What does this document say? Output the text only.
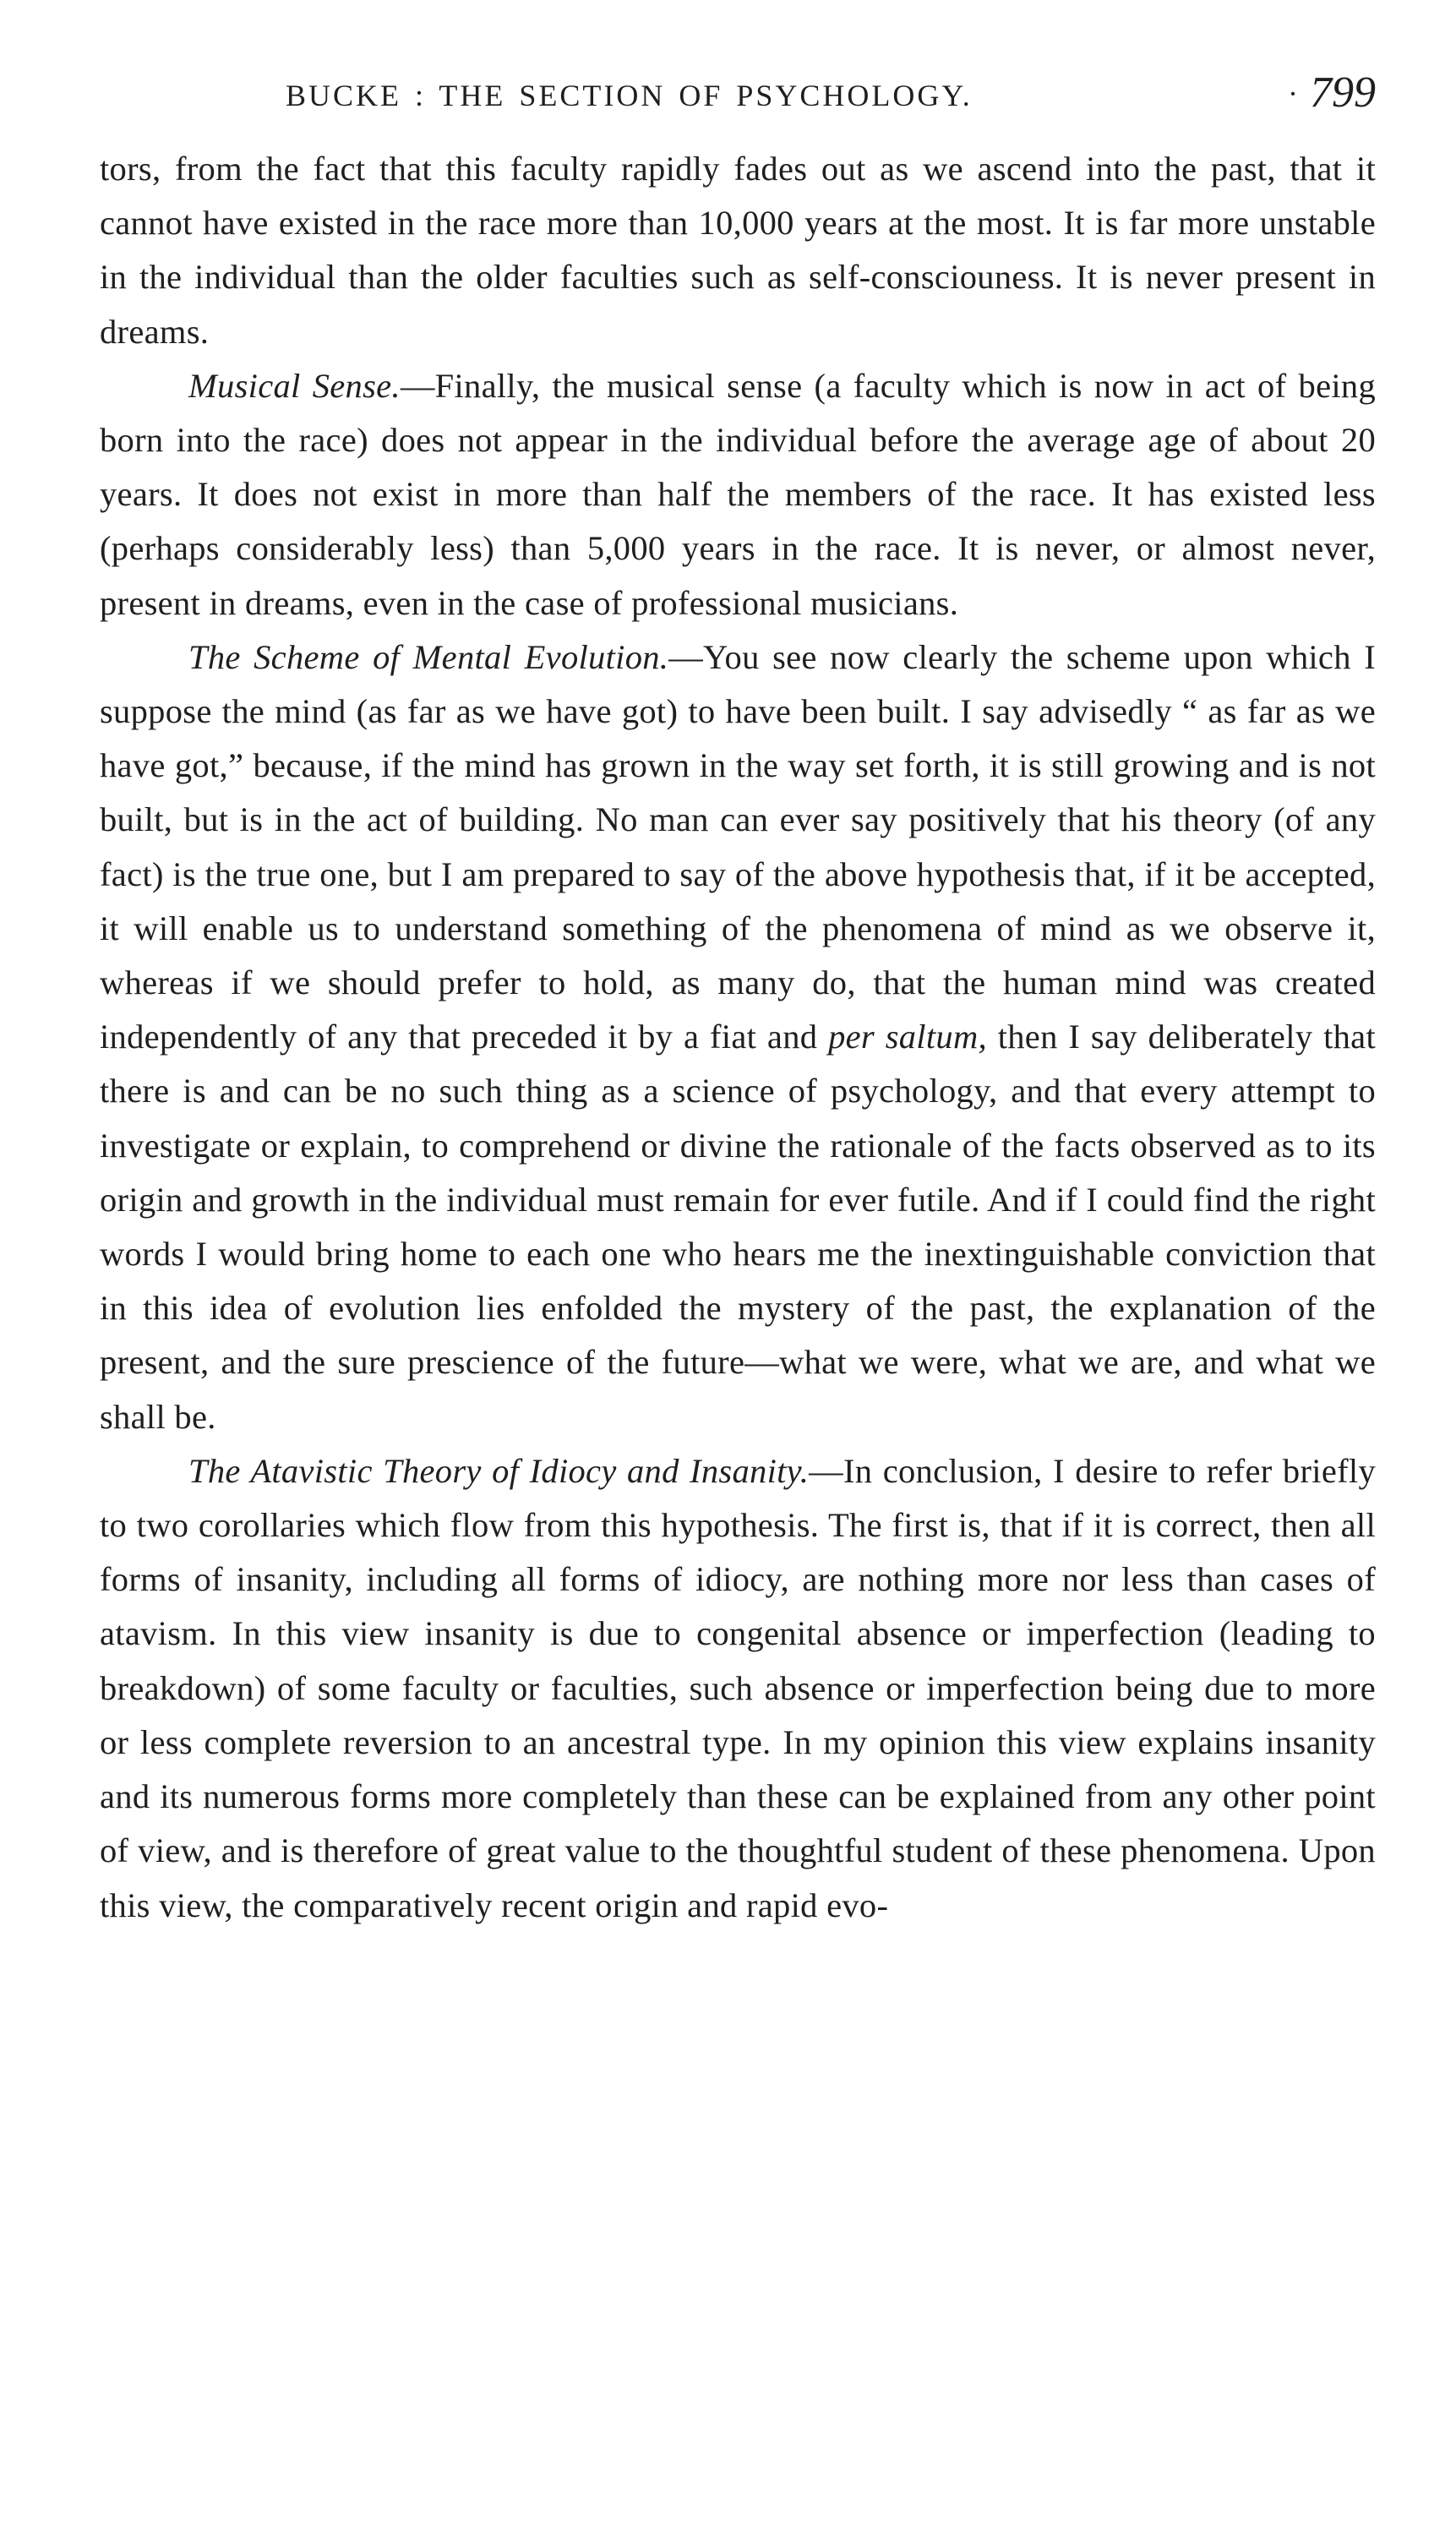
BUCKE : THE SECTION OF PSYCHOLOGY.	· 799

tors, from the fact that this faculty rapidly fades out as we ascend into the past, that it cannot have existed in the race more than 10,000 years at the most. It is far more unstable in the individual than the older faculties such as self-consciouness. It is never present in dreams.

Musical Sense.—Finally, the musical sense (a faculty which is now in act of being born into the race) does not appear in the individual before the average age of about 20 years. It does not exist in more than half the members of the race. It has existed less (perhaps considerably less) than 5,000 years in the race. It is never, or almost never, present in dreams, even in the case of professional musicians.

The Scheme of Mental Evolution.—You see now clearly the scheme upon which I suppose the mind (as far as we have got) to have been built. I say advisedly “ as far as we have got,” because, if the mind has grown in the way set forth, it is still growing and is not built, but is in the act of building. No man can ever say positively that his theory (of any fact) is the true one, but I am prepared to say of the above hypothesis that, if it be accepted, it will enable us to understand something of the phenomena of mind as we observe it, whereas if we should prefer to hold, as many do, that the human mind was created independently of any that preceded it by a fiat and per saltum, then I say deliberately that there is and can be no such thing as a science of psychology, and that every attempt to investigate or explain, to comprehend or divine the rationale of the facts observed as to its origin and growth in the individual must remain for ever futile. And if I could find the right words I would bring home to each one who hears me the inextinguishable conviction that in this idea of evolution lies enfolded the mystery of the past, the explanation of the present, and the sure prescience of the future—what we were, what we are, and what we shall be.

The Atavistic Theory of Idiocy and Insanity.—In conclusion, I desire to refer briefly to two corollaries which flow from this hypothesis. The first is, that if it is correct, then all forms of insanity, including all forms of idiocy, are nothing more nor less than cases of atavism. In this view insanity is due to congenital absence or imperfection (leading to breakdown) of some faculty or faculties, such absence or imperfection being due to more or less complete reversion to an ancestral type. In my opinion this view explains insanity and its numerous forms more completely than these can be explained from any other point of view, and is therefore of great value to the thoughtful student of these phenomena. Upon this view, the comparatively recent origin and rapid evo-
